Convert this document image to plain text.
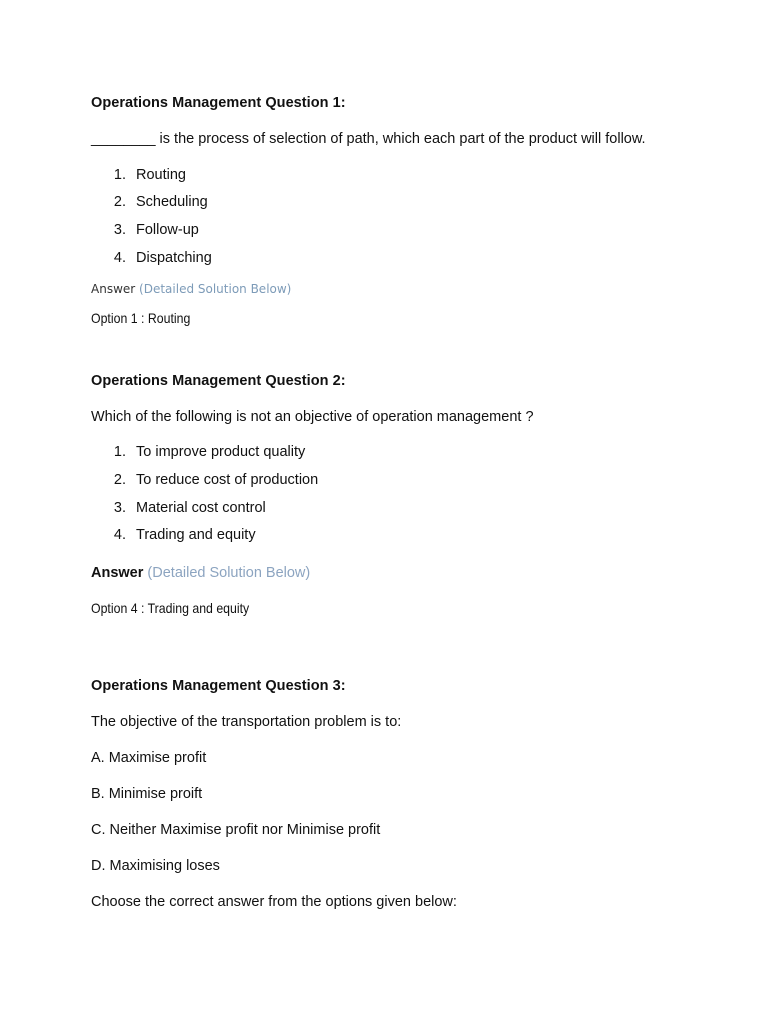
Operations Management Question 1:

________ is the process of selection of path, which each part of the product will follow.

1. Routing
2. Scheduling
3. Follow-up
4. Dispatching

Answer (Detailed Solution Below)

Option 1 : Routing

Operations Management Question 2:

Which of the following is not an objective of operation management ?

1. To improve product quality
2. To reduce cost of production
3. Material cost control
4. Trading and equity

Answer (Detailed Solution Below)

Option 4 : Trading and equity

Operations Management Question 3:

The objective of the transportation problem is to:

A. Maximise profit

B. Minimise proift

C. Neither Maximise profit nor Minimise profit

D. Maximising loses

Choose the correct answer from the options given below:
